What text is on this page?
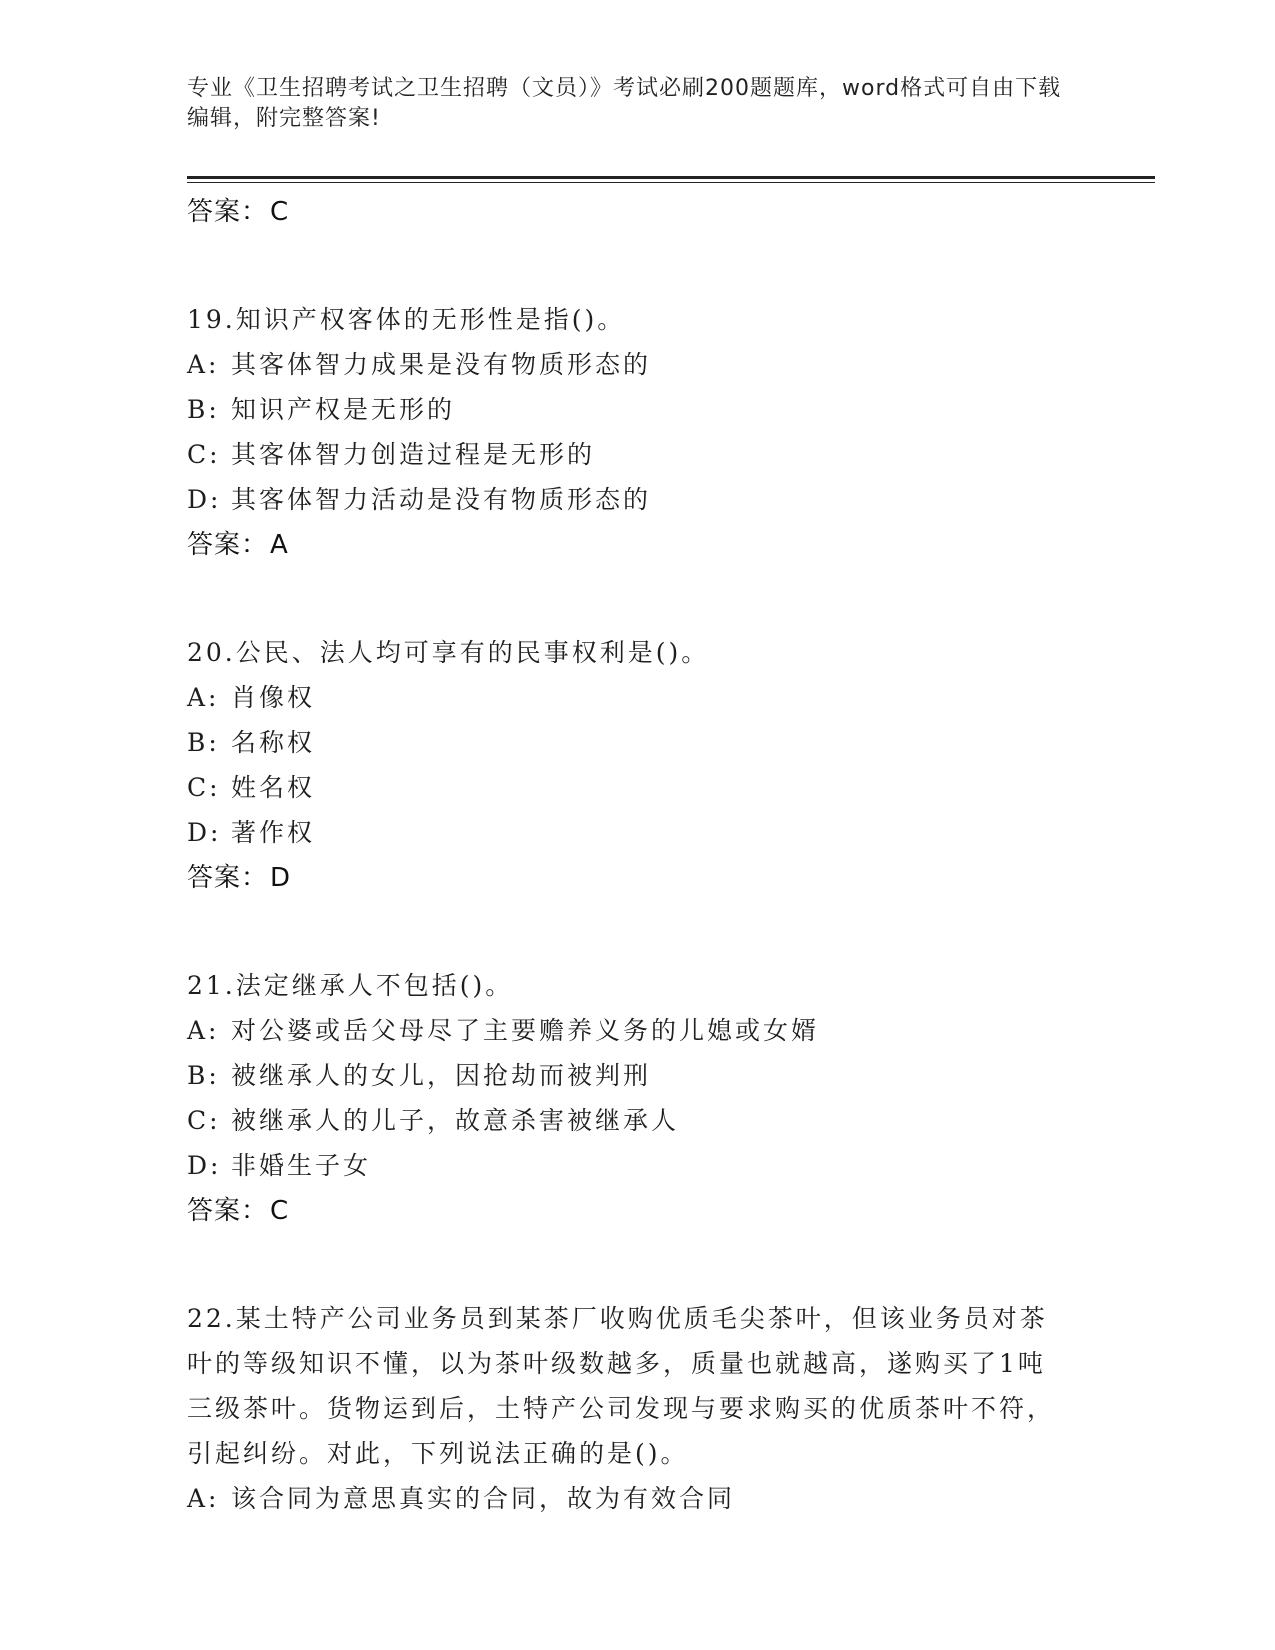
专业《卫生招聘考试之卫生招聘（文员）》考试必刷200题题库，word格式可自由下载编辑，附完整答案!
答案：C
19.知识产权客体的无形性是指()。
A: 其客体智力成果是没有物质形态的
B: 知识产权是无形的
C: 其客体智力创造过程是无形的
D: 其客体智力活动是没有物质形态的
答案：A
20.公民、法人均可享有的民事权利是()。
A: 肖像权
B: 名称权
C: 姓名权
D: 著作权
答案：D
21.法定继承人不包括()。
A: 对公婆或岳父母尽了主要赡养义务的儿媳或女婿
B: 被继承人的女儿，因抢劫而被判刑
C: 被继承人的儿子，故意杀害被继承人
D: 非婚生子女
答案：C
22.某土特产公司业务员到某茶厂收购优质毛尖茶叶，但该业务员对茶叶的等级知识不懂，以为茶叶级数越多，质量也就越高，遂购买了1吨三级茶叶。货物运到后，土特产公司发现与要求购买的优质茶叶不符，引起纠纷。对此，下列说法正确的是()。
A: 该合同为意思真实的合同，故为有效合同
